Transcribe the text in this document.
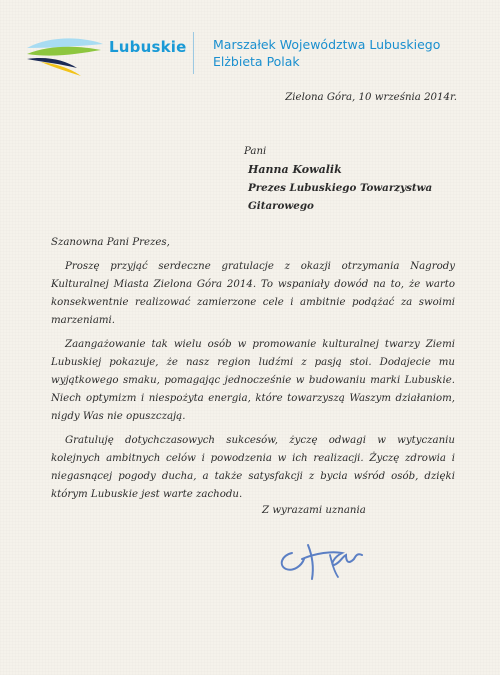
Lubuskie Marszałek Województwa Lubuskiego
Elżbieta Polak
Zielona Góra, 10 września 2014r.
Pani
Hanna Kowalik
Prezes Lubuskiego Towarzystwa Gitarowego

Szanowna Pani Prezes,

Proszę przyjąć serdeczne gratulacje z okazji otrzymania Nagrody Kulturalnej Miasta Zielona Góra 2014. To wspaniały dowód na to, że warto konsekwentnie realizować zamierzone cele i ambitnie podążać za swoimi marzeniami.

Zaangażowanie tak wielu osób w promowanie kulturalnej twarzy Ziemi Lubuskiej pokazuje, że nasz region ludźmi z pasją stoi. Dodajecie mu wyjątkowego smaku, pomagając jednocześnie w budowaniu marki Lubuskie. Niech optymizm i niespożyta energia, które towarzyszą Waszym działaniom, nigdy Was nie opuszczają.

Gratuluję dotychczasowych sukcesów, życzę odwagi w wytyczaniu kolejnych ambitnych celów i powodzenia w ich realizacji. Życzę zdrowia i niegasnącej pogody ducha, a także satysfakcji z bycia wśród osób, dzięki którym Lubuskie jest warte zachodu.

Z wyrazami uznania
